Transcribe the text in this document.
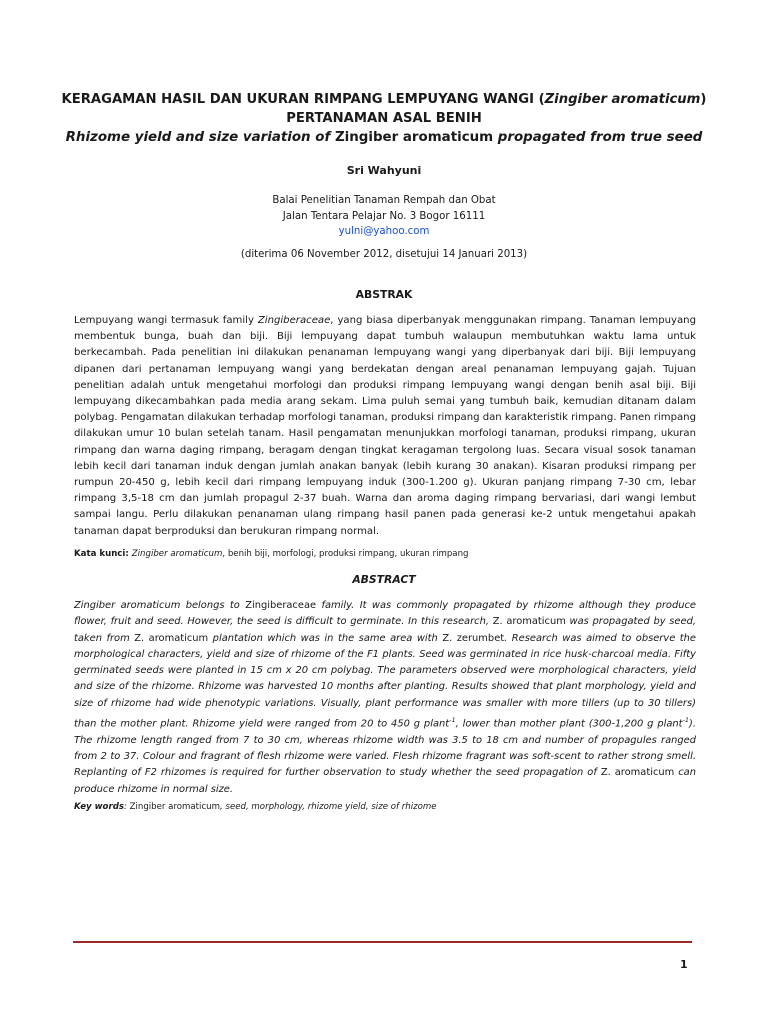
KERAGAMAN HASIL DAN UKURAN RIMPANG LEMPUYANG WANGI (Zingiber aromaticum)
PERTANAMAN ASAL BENIH
Rhizome yield and size variation of Zingiber aromaticum propagated from true seed
Sri Wahyuni
Balai Penelitian Tanaman Rempah dan Obat
Jalan Tentara Pelajar No. 3 Bogor 16111
yulni@yahoo.com
(diterima 06 November 2012, disetujui 14 Januari 2013)
ABSTRAK
Lempuyang wangi termasuk family Zingiberaceae, yang biasa diperbanyak menggunakan rimpang. Tanaman lempuyang membentuk bunga, buah dan biji. Biji lempuyang dapat tumbuh walaupun membutuhkan waktu lama untuk berkecambah. Pada penelitian ini dilakukan penanaman lempuyang wangi yang diperbanyak dari biji. Biji lempuyang dipanen dari pertanaman lempuyang wangi yang berdekatan dengan areal penanaman lempuyang gajah. Tujuan penelitian adalah untuk mengetahui morfologi dan produksi rimpang lempuyang wangi dengan benih asal biji. Biji lempuyang dikecambahkan pada media arang sekam. Lima puluh semai yang tumbuh baik, kemudian ditanam dalam polybag. Pengamatan dilakukan terhadap morfologi tanaman, produksi rimpang dan karakteristik rimpang. Panen rimpang dilakukan umur 10 bulan setelah tanam. Hasil pengamatan menunjukkan morfologi tanaman, produksi rimpang, ukuran rimpang dan warna daging rimpang, beragam dengan tingkat keragaman tergolong luas. Secara visual sosok tanaman lebih kecil dari tanaman induk dengan jumlah anakan banyak (lebih kurang 30 anakan). Kisaran produksi rimpang per rumpun 20-450 g, lebih kecil dari rimpang lempuyang induk (300-1.200 g). Ukuran panjang rimpang 7-30 cm, lebar rimpang 3,5-18 cm dan jumlah propagul 2-37 buah. Warna dan aroma daging rimpang bervariasi, dari wangi lembut sampai langu. Perlu dilakukan penanaman ulang rimpang hasil panen pada generasi ke-2 untuk mengetahui apakah tanaman dapat berproduksi dan berukuran rimpang normal.
Kata kunci: Zingiber aromaticum, benih biji, morfologi, produksi rimpang, ukuran rimpang
ABSTRACT
Zingiber aromaticum belongs to Zingiberaceae family. It was commonly propagated by rhizome although they produce flower, fruit and seed. However, the seed is difficult to germinate. In this research, Z. aromaticum was propagated by seed, taken from Z. aromaticum plantation which was in the same area with Z. zerumbet. Research was aimed to observe the morphological characters, yield and size of rhizome of the F1 plants. Seed was germinated in rice husk-charcoal media. Fifty germinated seeds were planted in 15 cm x 20 cm polybag. The parameters observed were morphological characters, yield and size of the rhizome. Rhizome was harvested 10 months after planting. Results showed that plant morphology, yield and size of rhizome had wide phenotypic variations. Visually, plant performance was smaller with more tillers (up to 30 tillers) than the mother plant. Rhizome yield were ranged from 20 to 450 g plant$^{-1}$, lower than mother plant (300-1,200 g plant$^{-1}$). The rhizome length ranged from 7 to 30 cm, whereas rhizome width was 3.5 to 18 cm and number of propagules ranged from 2 to 37. Colour and fragrant of flesh rhizome were varied. Flesh rhizome fragrant was soft-scent to rather strong smell. Replanting of F2 rhizomes is required for further observation to study whether the seed propagation of Z. aromaticum can produce rhizome in normal size.
Key words: Zingiber aromaticum, seed, morphology, rhizome yield, size of rhizome
1
